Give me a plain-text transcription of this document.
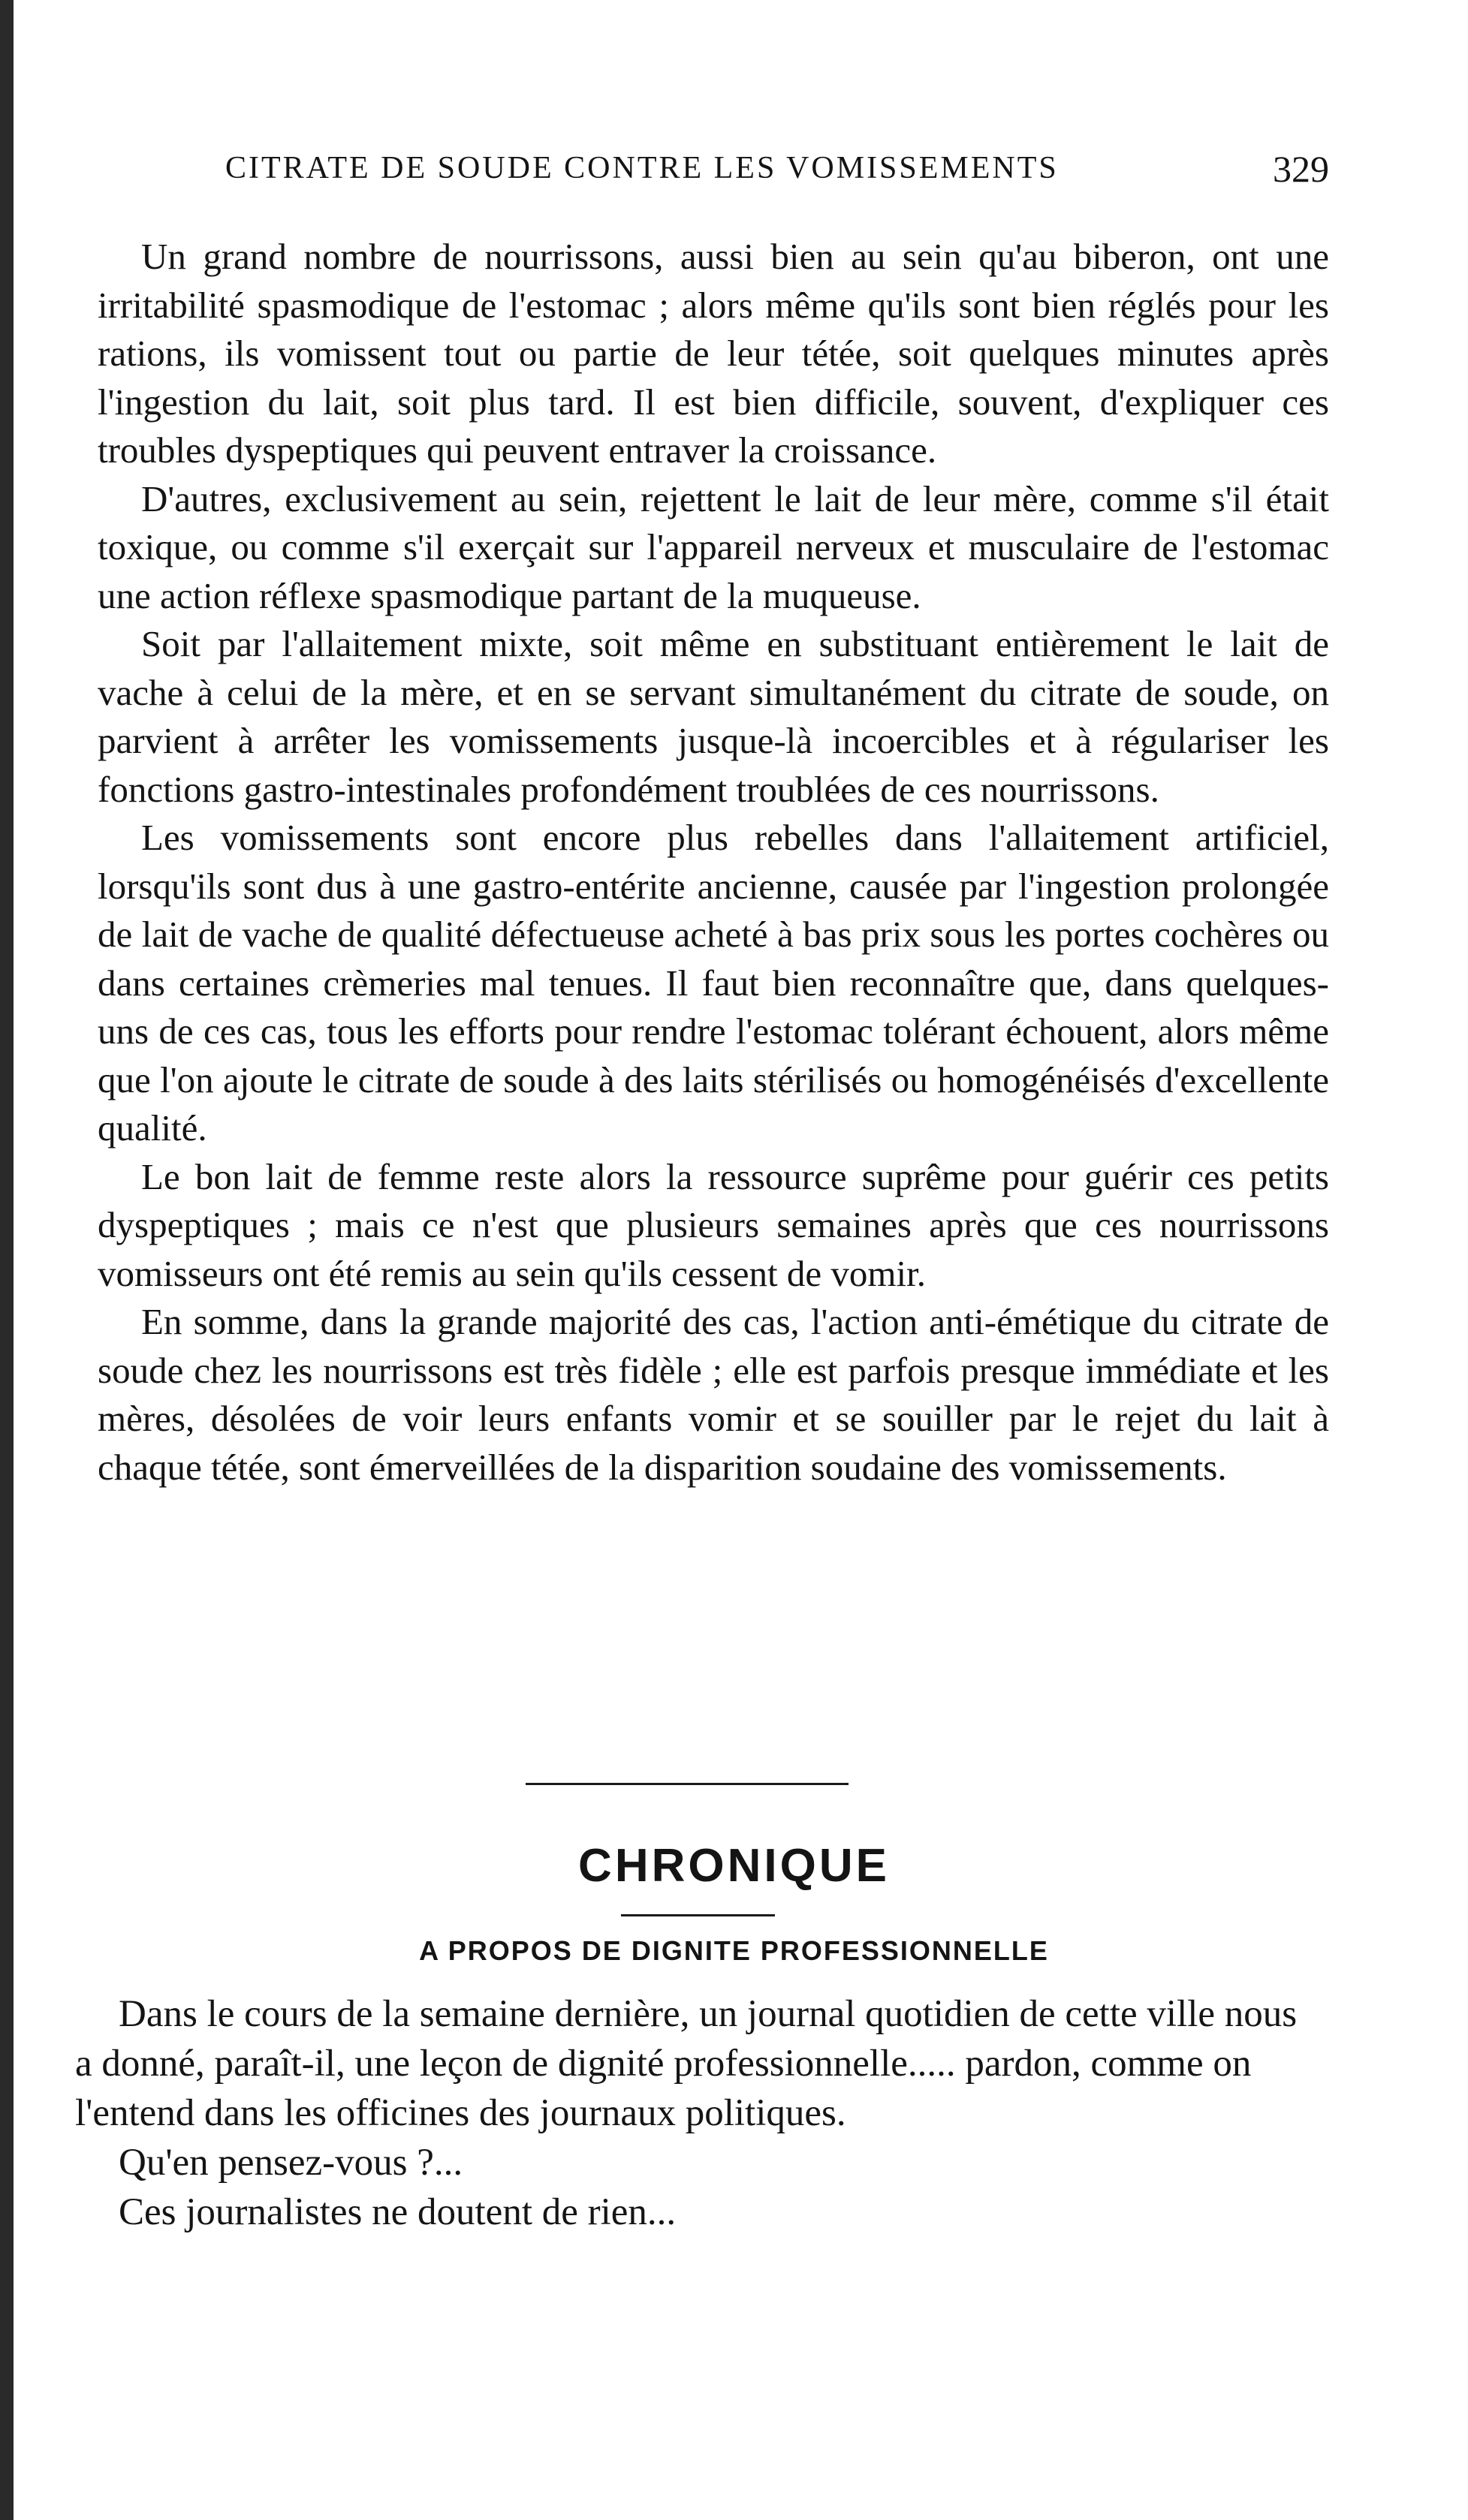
CITRATE DE SOUDE CONTRE LES VOMISSEMENTS	329

Un grand nombre de nourrissons, aussi bien au sein qu'au biberon, ont une irritabilité spasmodique de l'estomac ; alors même qu'ils sont bien réglés pour les rations, ils vomissent tout ou partie de leur tétée, soit quelques minutes après l'ingestion du lait, soit plus tard. Il est bien difficile, souvent, d'expliquer ces troubles dyspeptiques qui peuvent entraver la croissance.

D'autres, exclusivement au sein, rejettent le lait de leur mère, comme s'il était toxique, ou comme s'il exerçait sur l'appareil nerveux et musculaire de l'estomac une action réflexe spasmodique partant de la muqueuse.

Soit par l'allaitement mixte, soit même en substituant entièrement le lait de vache à celui de la mère, et en se servant simultanément du citrate de soude, on parvient à arrêter les vomissements jusque-là incoercibles et à régulariser les fonctions gastro-intestinales profondément troublées de ces nourrissons.

Les vomissements sont encore plus rebelles dans l'allaitement artificiel, lorsqu'ils sont dus à une gastro-entérite ancienne, causée par l'ingestion prolongée de lait de vache de qualité défectueuse acheté à bas prix sous les portes cochères ou dans certaines crèmeries mal tenues. Il faut bien reconnaître que, dans quelques-uns de ces cas, tous les efforts pour rendre l'estomac tolérant échouent, alors même que l'on ajoute le citrate de soude à des laits stérilisés ou homogénéisés d'excellente qualité.

Le bon lait de femme reste alors la ressource suprême pour guérir ces petits dyspeptiques ; mais ce n'est que plusieurs semaines après que ces nourrissons vomisseurs ont été remis au sein qu'ils cessent de vomir.

En somme, dans la grande majorité des cas, l'action anti-émétique du citrate de soude chez les nourrissons est très fidèle ; elle est parfois presque immédiate et les mères, désolées de voir leurs enfants vomir et se souiller par le rejet du lait à chaque tétée, sont émerveillées de la disparition soudaine des vomissements.

CHRONIQUE
A PROPOS DE DIGNITE PROFESSIONNELLE

Dans le cours de la semaine dernière, un journal quotidien de cette ville nous a donné, paraît-il, une leçon de dignité professionnelle..... pardon, comme on l'entend dans les officines des journaux politiques.

Qu'en pensez-vous ?...

Ces journalistes ne doutent de rien...
